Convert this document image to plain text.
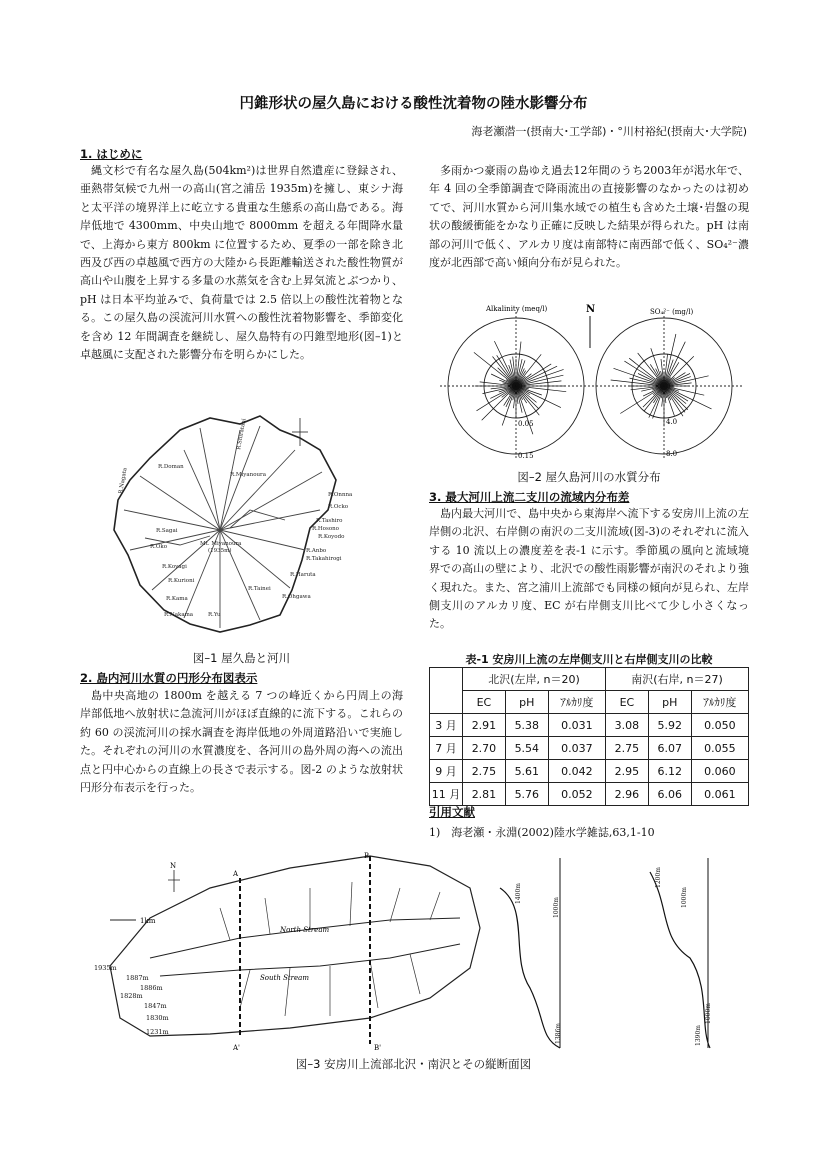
円錐形状の屋久島における酸性沈着物の陸水影響分布
海老瀬潜一(摂南大･工学部)・°川村裕紀(摂南大･大学院)
1. はじめに
縄文杉で有名な屋久島(504km²)は世界自然遺産に登録され、亜熱帯気候で九州一の高山(宮之浦岳 1935m)を擁し、東シナ海と太平洋の境界洋上に屹立する貴重な生態系の高山島である。海岸低地で 4300mm、中央山地で 8000mm を超える年間降水量で、上海から東方 800km に位置するため、夏季の一部を除き北西及び西の卓越風で西方の大陸から長距離輸送された酸性物質が高山や山腹を上昇する多量の水蒸気を含む上昇気流とぶつかり、pH は日本平均並みで、負荷量では 2.5 倍以上の酸性沈着物となる。この屋久島の渓流河川水質への酸性沈着物影響を、季節変化を含め 12 年間調査を継続し、屋久島特有の円錐型地形(図–1)と卓越風に支配された影響分布を明らかにした。
R.Doman
R.Miyanoura
R.Onnna
R.Ocko
R.Tashiro
R.Hosono
R.Koyodo
R.Sagai
R.Oko	Mt. Miyanoura
(1935m)
R.Koyagi
R.Kurioni
R.Kama
R.Nakama	R.Yu
R.Tainei
R.Ohgawa
R.Haruta
R.Anbo
R.Takahirogi
R.Nagata
R.Shiratani
図–1 屋久島と河川
2. 島内河川水質の円形分布図表示
島中央高地の 1800m を越える 7 つの峰近くから円周上の海岸部低地へ放射状に急流河川がほぼ直線的に流下する。これらの約 60 の渓流河川の採水調査を海岸低地の外周道路沿いで実施した。それぞれの河川の水質濃度を、各河川の島外周の海への流出点と円中心からの直線上の長さで表示する。図-2 のような放射状円形分布表示を行った。
多雨かつ豪雨の島ゆえ過去12年間のうち2003年が渇水年で、年 4 回の全季節調査で降雨流出の直接影響のなかったのは初めてで、河川水質から河川集水域での植生も含めた土壌･岩盤の現状の酸緩衝能をかなり正確に反映した結果が得られた。pH は南部の河川で低く、アルカリ度は南部特に南西部で低く、SO₄²⁻濃度が北西部で高い傾向分布が見られた。
Alkalinity (meq/l)	SO₄²⁻ (mg/l)
N
0.05
0.15
4.0
8.0
図–2 屋久島河川の水質分布
3. 最大河川上流二支川の流域内分布差
島内最大河川で、島中央から東海岸へ流下する安房川上流の左岸側の北沢、右岸側の南沢の二支川流域(図-3)のそれぞれに流入する 10 流以上の濃度差を表-1 に示す。季節風の風向と流域境界での高山の壁により、北沢での酸性雨影響が南沢のそれより強く現れた。また、宮之浦川上流部でも同様の傾向が見られ、左岸側支川のアルカリ度、EC が右岸側支川比べて少し小さくなった。
表-1 安房川上流の左岸側支川と右岸側支川の比較
	北沢(左岸, n＝20)			南沢(右岸, n＝27)		
	EC	pH	ｱﾙｶﾘ度	EC	pH	ｱﾙｶﾘ度
3 月	2.91	5.38	0.031	3.08	5.92	0.050
7 月	2.70	5.54	0.037	2.75	6.07	0.055
9 月	2.75	5.61	0.042	2.95	6.12	0.060
11 月	2.81	5.76	0.052	2.96	6.06	0.061
引用文献
1)　海老瀬・永淵(2002)陸水学雑誌,63,1-10
A
A'
B
B'
N
1km
North Stream
South Stream
1935m
1887m
1886m
1828m
1847m
1830m
1231m
1400m
1000m
1386m
1200m
1000m
1000m
1390m
図–3 安房川上流部北沢・南沢とその縦断面図
